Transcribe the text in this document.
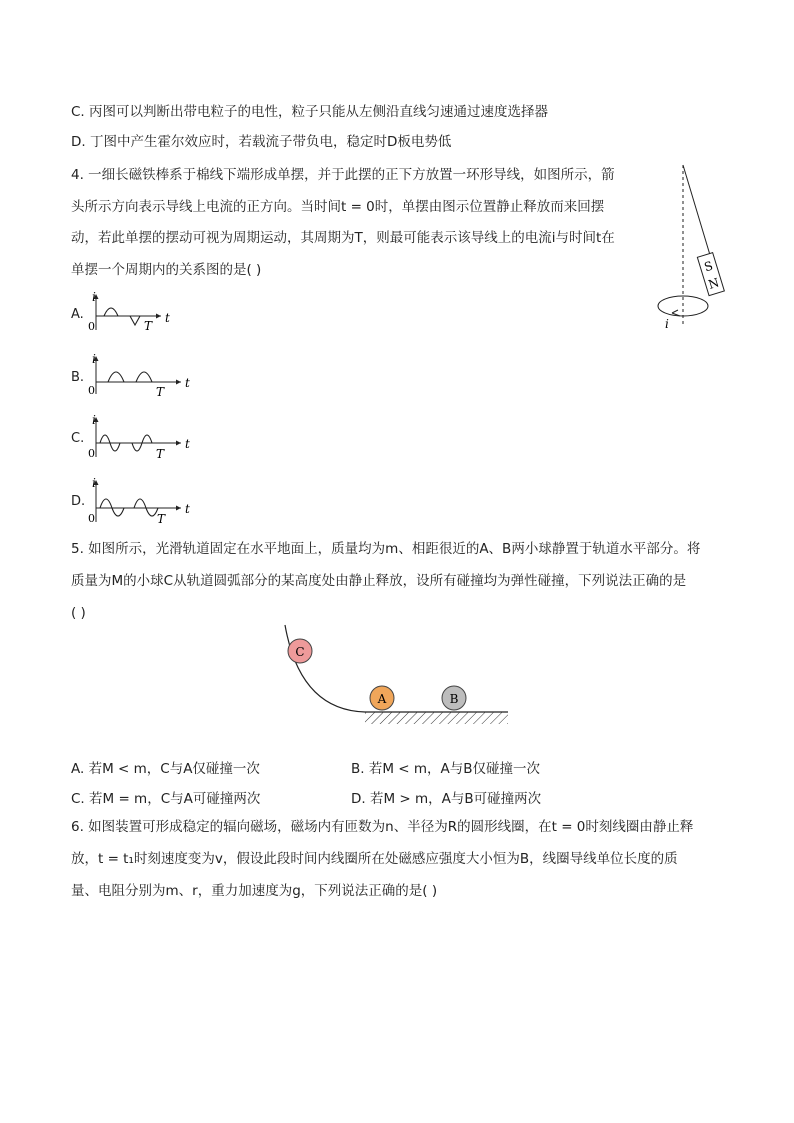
C. 丙图可以判断出带电粒子的电性，粒子只能从左侧沿直线匀速通过速度选择器
D. 丁图中产生霍尔效应时，若载流子带负电，稳定时D板电势低
4. 一细长磁铁棒系于棉线下端形成单摆，并于此摆的正下方放置一环形导线，如图所示，箭
头所示方向表示导线上电流的正方向。当时间t = 0时，单摆由图示位置静止释放而来回摆
动，若此单摆的摆动可视为周期运动，其周期为T，则最可能表示该导线上的电流i与时间t在
单摆一个周期内的关系图的是( )	S
N
i
A.
i
t
0	T
B.
i
t
0	T
C.
i
t
0	T
D.
i
t
0	T
5. 如图所示，光滑轨道固定在水平地面上，质量均为m、相距很近的A、B两小球静置于轨道水平部分。将
质量为M的小球C从轨道圆弧部分的某高度处由静止释放，设所有碰撞均为弹性碰撞，下列说法正确的是
( )
C
A	B
A. 若M < m，C与A仅碰撞一次	B. 若M < m，A与B仅碰撞一次
C. 若M = m，C与A可碰撞两次	D. 若M > m，A与B可碰撞两次
6. 如图装置可形成稳定的辐向磁场，磁场内有匝数为n、半径为R的圆形线圈，在t = 0时刻线圈由静止释
放，t = t₁时刻速度变为v，假设此段时间内线圈所在处磁感应强度大小恒为B，线圈导线单位长度的质
量、电阻分别为m、r，重力加速度为g，下列说法正确的是( )
